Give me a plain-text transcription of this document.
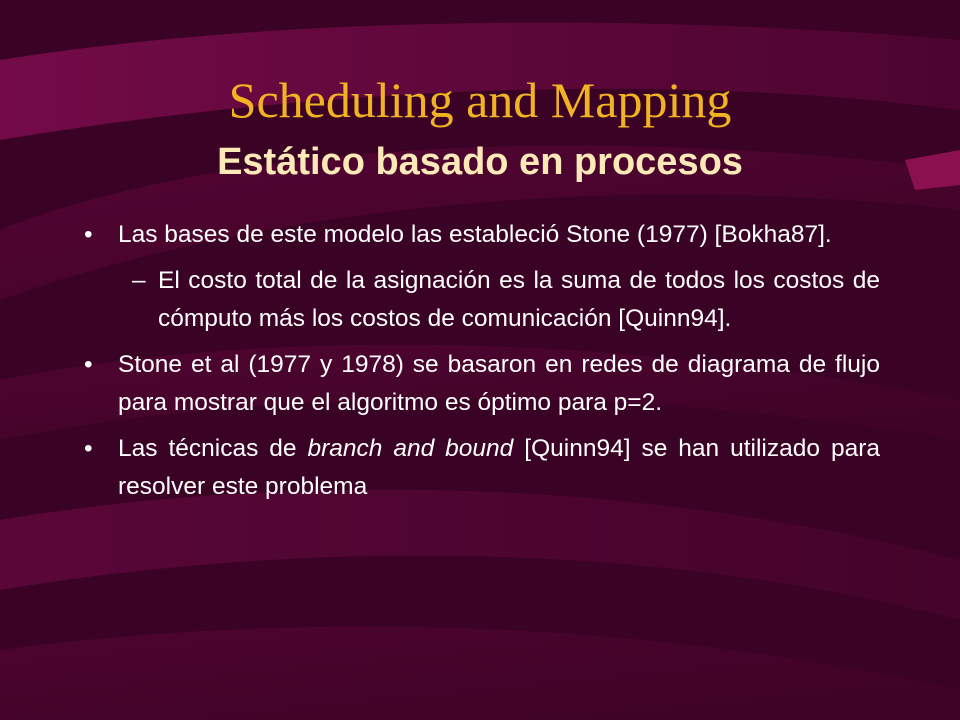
Scheduling and Mapping
Estático basado en procesos
• Las bases de este modelo las estableció Stone (1977) [Bokha87].
– El costo total de la asignación es la suma de todos los costos de cómputo más los costos de comunicación [Quinn94].
• Stone et al (1977 y 1978) se basaron en redes de diagrama de flujo para mostrar que el algoritmo es óptimo para p=2.
• Las técnicas de branch and bound [Quinn94] se han utilizado para resolver este problema
